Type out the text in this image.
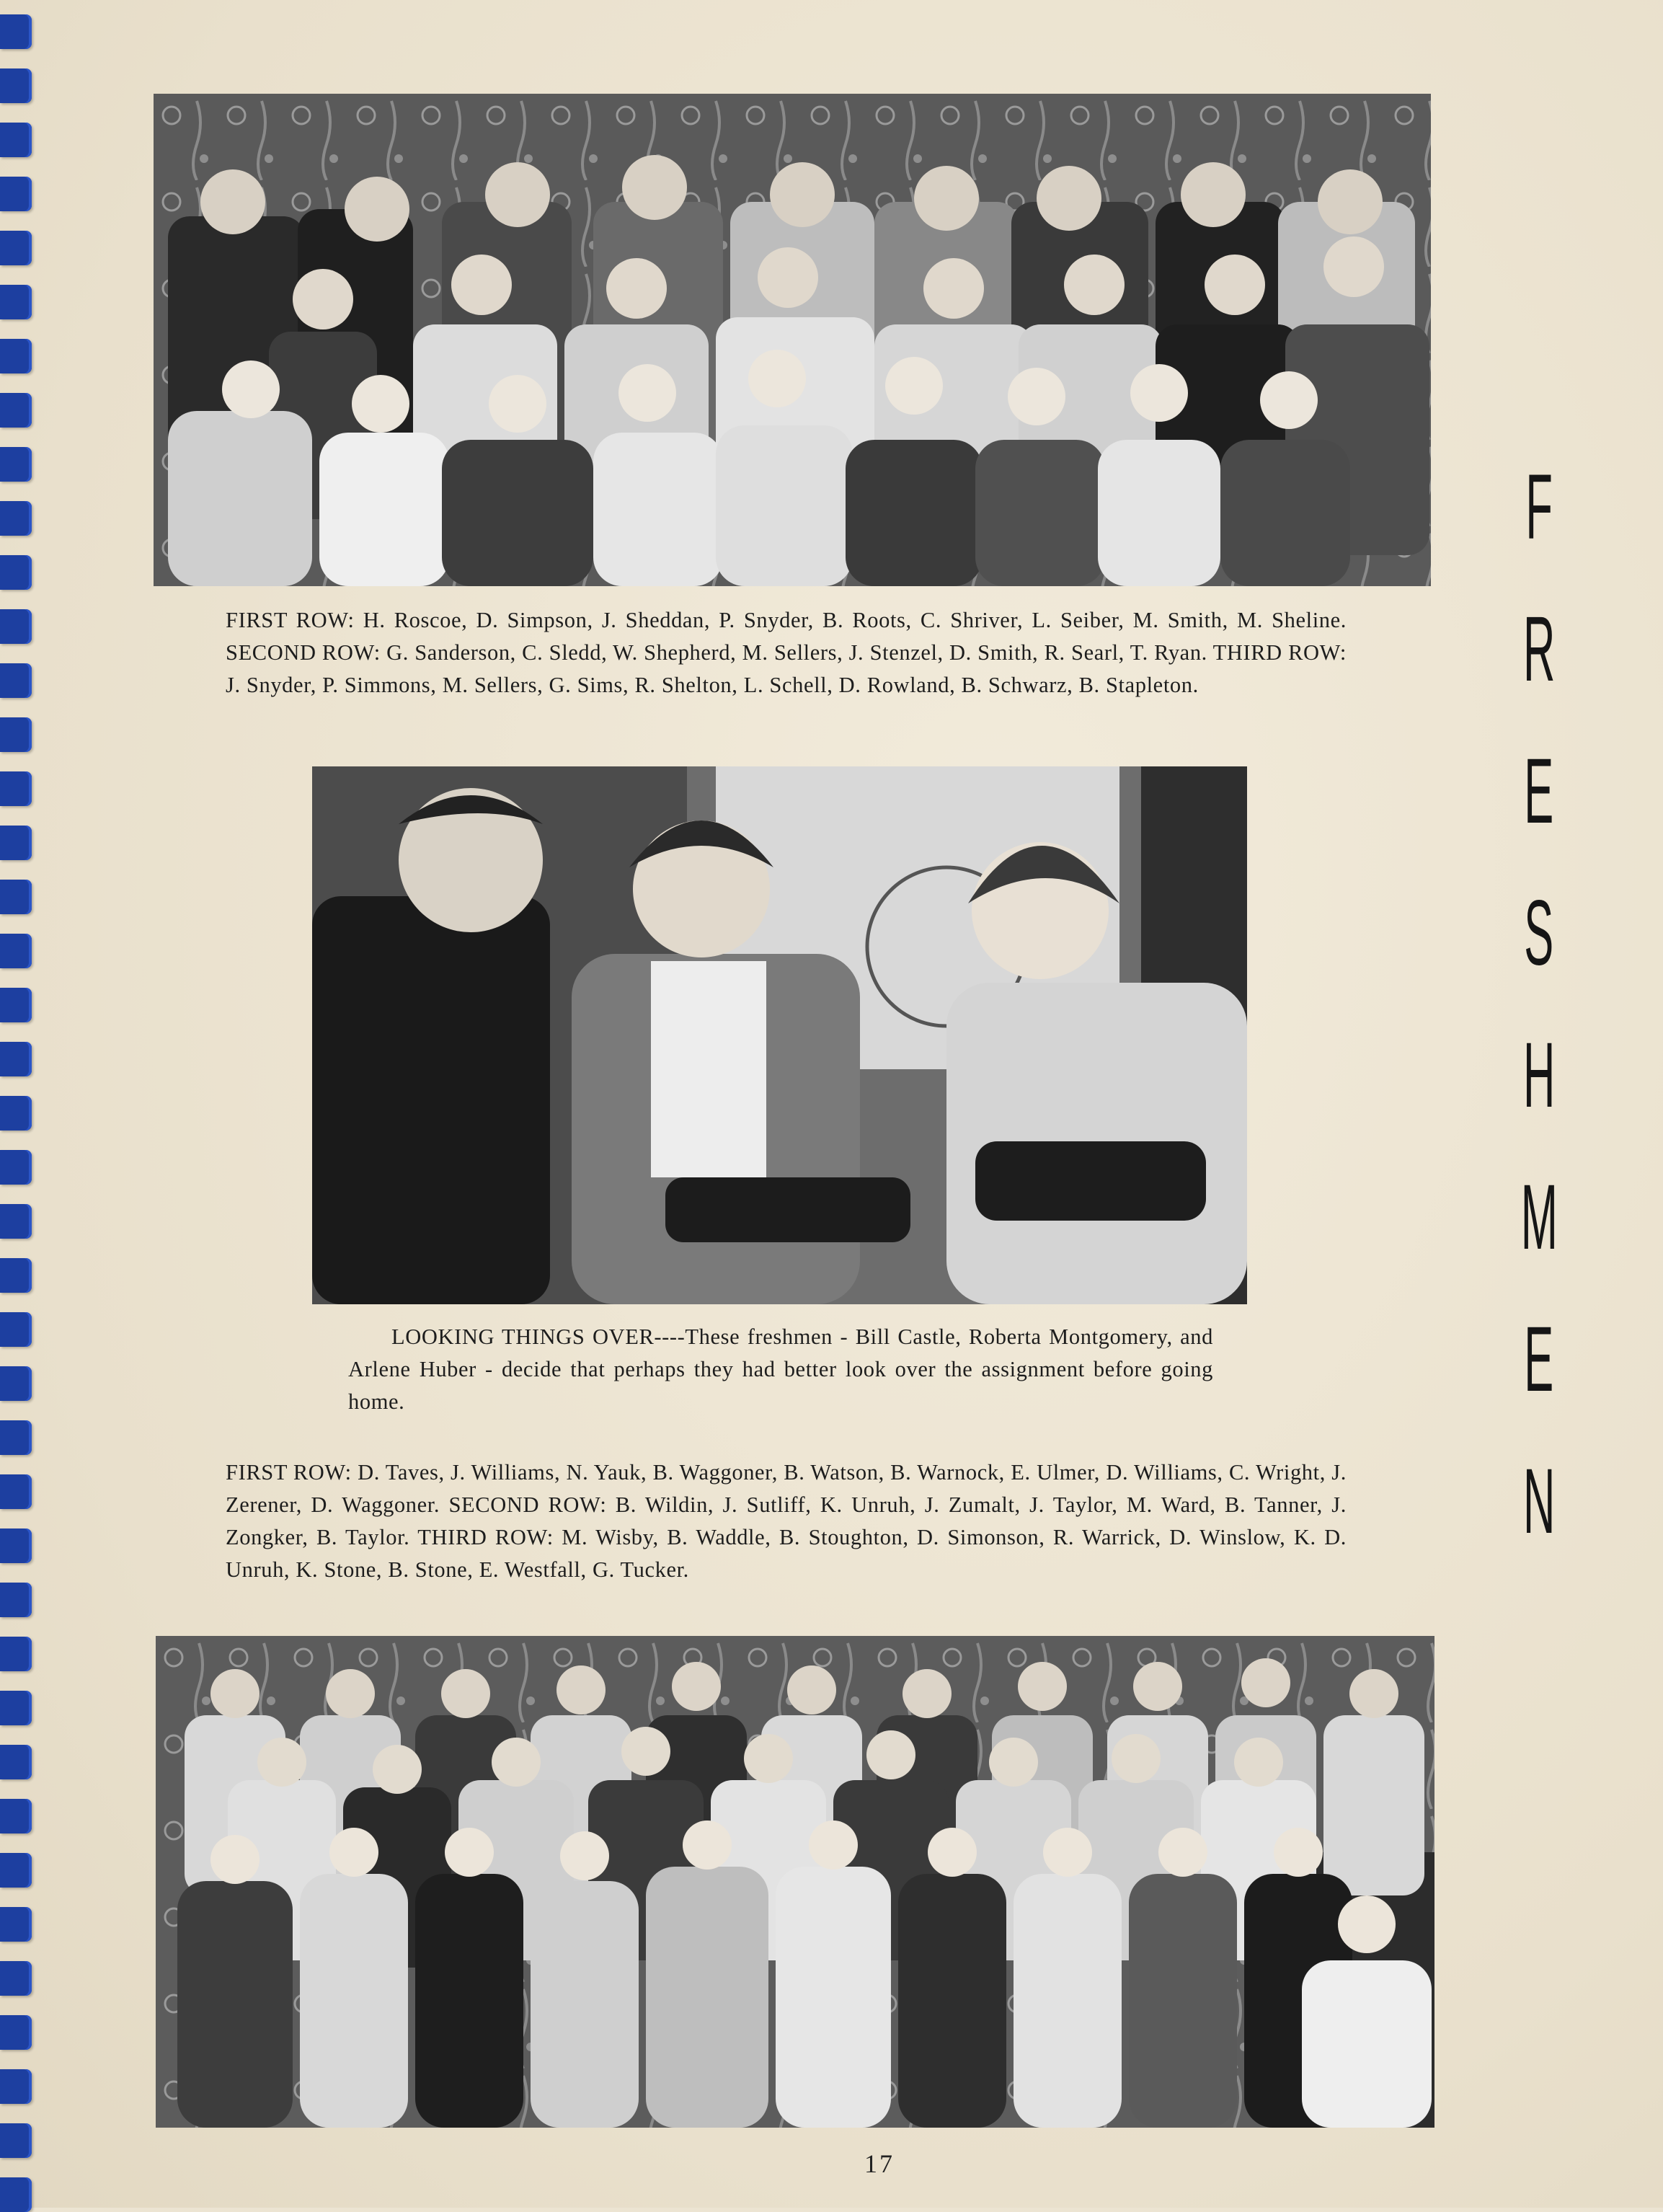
FIRST ROW: H. Roscoe, D. Simpson, J. Sheddan, P. Snyder, B. Roots, C. Shriver, L. Seiber, M. Smith, M. Sheline. SECOND ROW: G. Sanderson, C. Sledd, W. Shepherd, M. Sellers, J. Stenzel, D. Smith, R. Searl, T. Ryan. THIRD ROW: J. Snyder, P. Simmons, M. Sellers, G. Sims, R. Shelton, L. Schell, D. Rowland, B. Schwarz, B. Stapleton.
LOOKING THINGS OVER----These freshmen - Bill Castle, Roberta Montgomery, and Arlene Huber - decide that perhaps they had better look over the assignment before going home.
FIRST ROW: D. Taves, J. Williams, N. Yauk, B. Waggoner, B. Watson, B. Warnock, E. Ulmer, D. Williams, C. Wright, J. Zerener, D. Waggoner. SECOND ROW: B. Wildin, J. Sutliff, K. Unruh, J. Zumalt, J. Taylor, M. Ward, B. Tanner, J. Zongker, B. Taylor. THIRD ROW: M. Wisby, B. Waddle, B. Stoughton, D. Simonson, R. Warrick, D. Winslow, K. D. Unruh, K. Stone, B. Stone, E. Westfall, G. Tucker.
F
R
E
S
H
M
E
N
17
